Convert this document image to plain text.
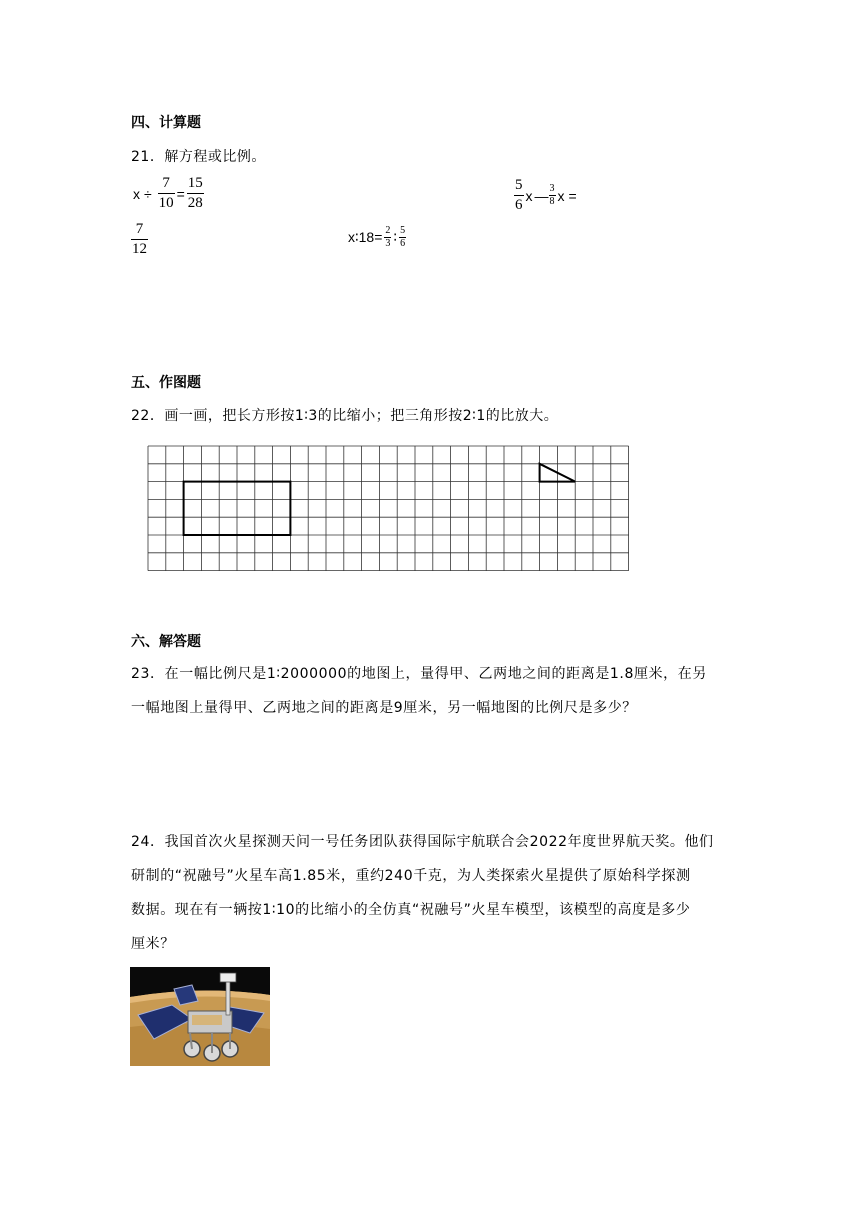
四、计算题
21．解方程或比例。
$x \div \frac{7}{10} = \frac{15}{28}$	$\frac{5}{6}$ x — $\frac{3}{8}$ x =
$\frac{7}{12}$	x∶18= $\frac{2}{3}$ ∶ $\frac{5}{6}$
五、作图题
22．画一画，把长方形按1∶3的比缩小；把三角形按2∶1的比放大。
六、解答题
23．在一幅比例尺是1∶2000000的地图上，量得甲、乙两地之间的距离是1.8厘米，在另
一幅地图上量得甲、乙两地之间的距离是9厘米，另一幅地图的比例尺是多少？
24．我国首次火星探测天问一号任务团队获得国际宇航联合会2022年度世界航天奖。他们
研制的“祝融号”火星车高1.85米，重约240千克，为人类探索火星提供了原始科学探测
数据。现在有一辆按1∶10的比缩小的全仿真“祝融号”火星车模型，该模型的高度是多少
厘米？
